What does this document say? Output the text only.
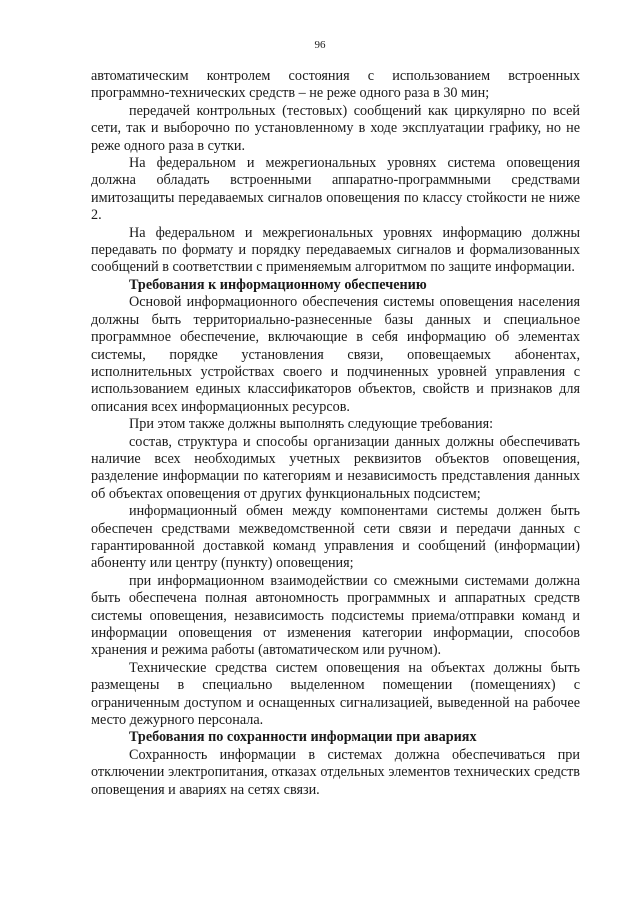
96

автоматическим контролем состояния с использованием встроенных программно-технических средств – не реже одного раза в 30 мин;

передачей контрольных (тестовых) сообщений как циркулярно по всей сети, так и выборочно по установленному в ходе эксплуатации графику, но не реже одного раза в сутки.

На федеральном и межрегиональных уровнях система оповещения должна обладать встроенными аппаратно-программными средствами имитозащиты передаваемых сигналов оповещения по классу стойкости не ниже 2.

На федеральном и межрегиональных уровнях информацию должны передавать по формату и порядку передаваемых сигналов и формализованных сообщений в соответствии с применяемым алгоритмом по защите информации.

Требования к информационному обеспечению

Основой информационного обеспечения системы оповещения населения должны быть территориально-разнесенные базы данных и специальное программное обеспечение, включающие в себя информацию об элементах системы, порядке установления связи, оповещаемых абонентах, исполнительных устройствах своего и подчиненных уровней управления с использованием единых классификаторов объектов, свойств и признаков для описания всех информационных ресурсов.

При этом также должны выполнять следующие требования:

состав, структура и способы организации данных должны обеспечивать наличие всех необходимых учетных реквизитов объектов оповещения, разделение информации по категориям и независимость представления данных об объектах оповещения от других функциональных подсистем;

информационный обмен между компонентами системы должен быть обеспечен средствами межведомственной сети связи и передачи данных с гарантированной доставкой команд управления и сообщений (информации) абоненту или центру (пункту) оповещения;

при информационном взаимодействии со смежными системами должна быть обеспечена полная автономность программных и аппаратных средств системы оповещения, независимость подсистемы приема/отправки команд и информации оповещения от изменения категории информации, способов хранения и режима работы (автоматическом или ручном).

Технические средства систем оповещения на объектах должны быть размещены в специально выделенном помещении (помещениях) с ограниченным доступом и оснащенных сигнализацией, выведенной на рабочее место дежурного персонала.

Требования по сохранности информации при авариях

Сохранность информации в системах должна обеспечиваться при отключении электропитания, отказах отдельных элементов технических средств оповещения и авариях на сетях связи.
